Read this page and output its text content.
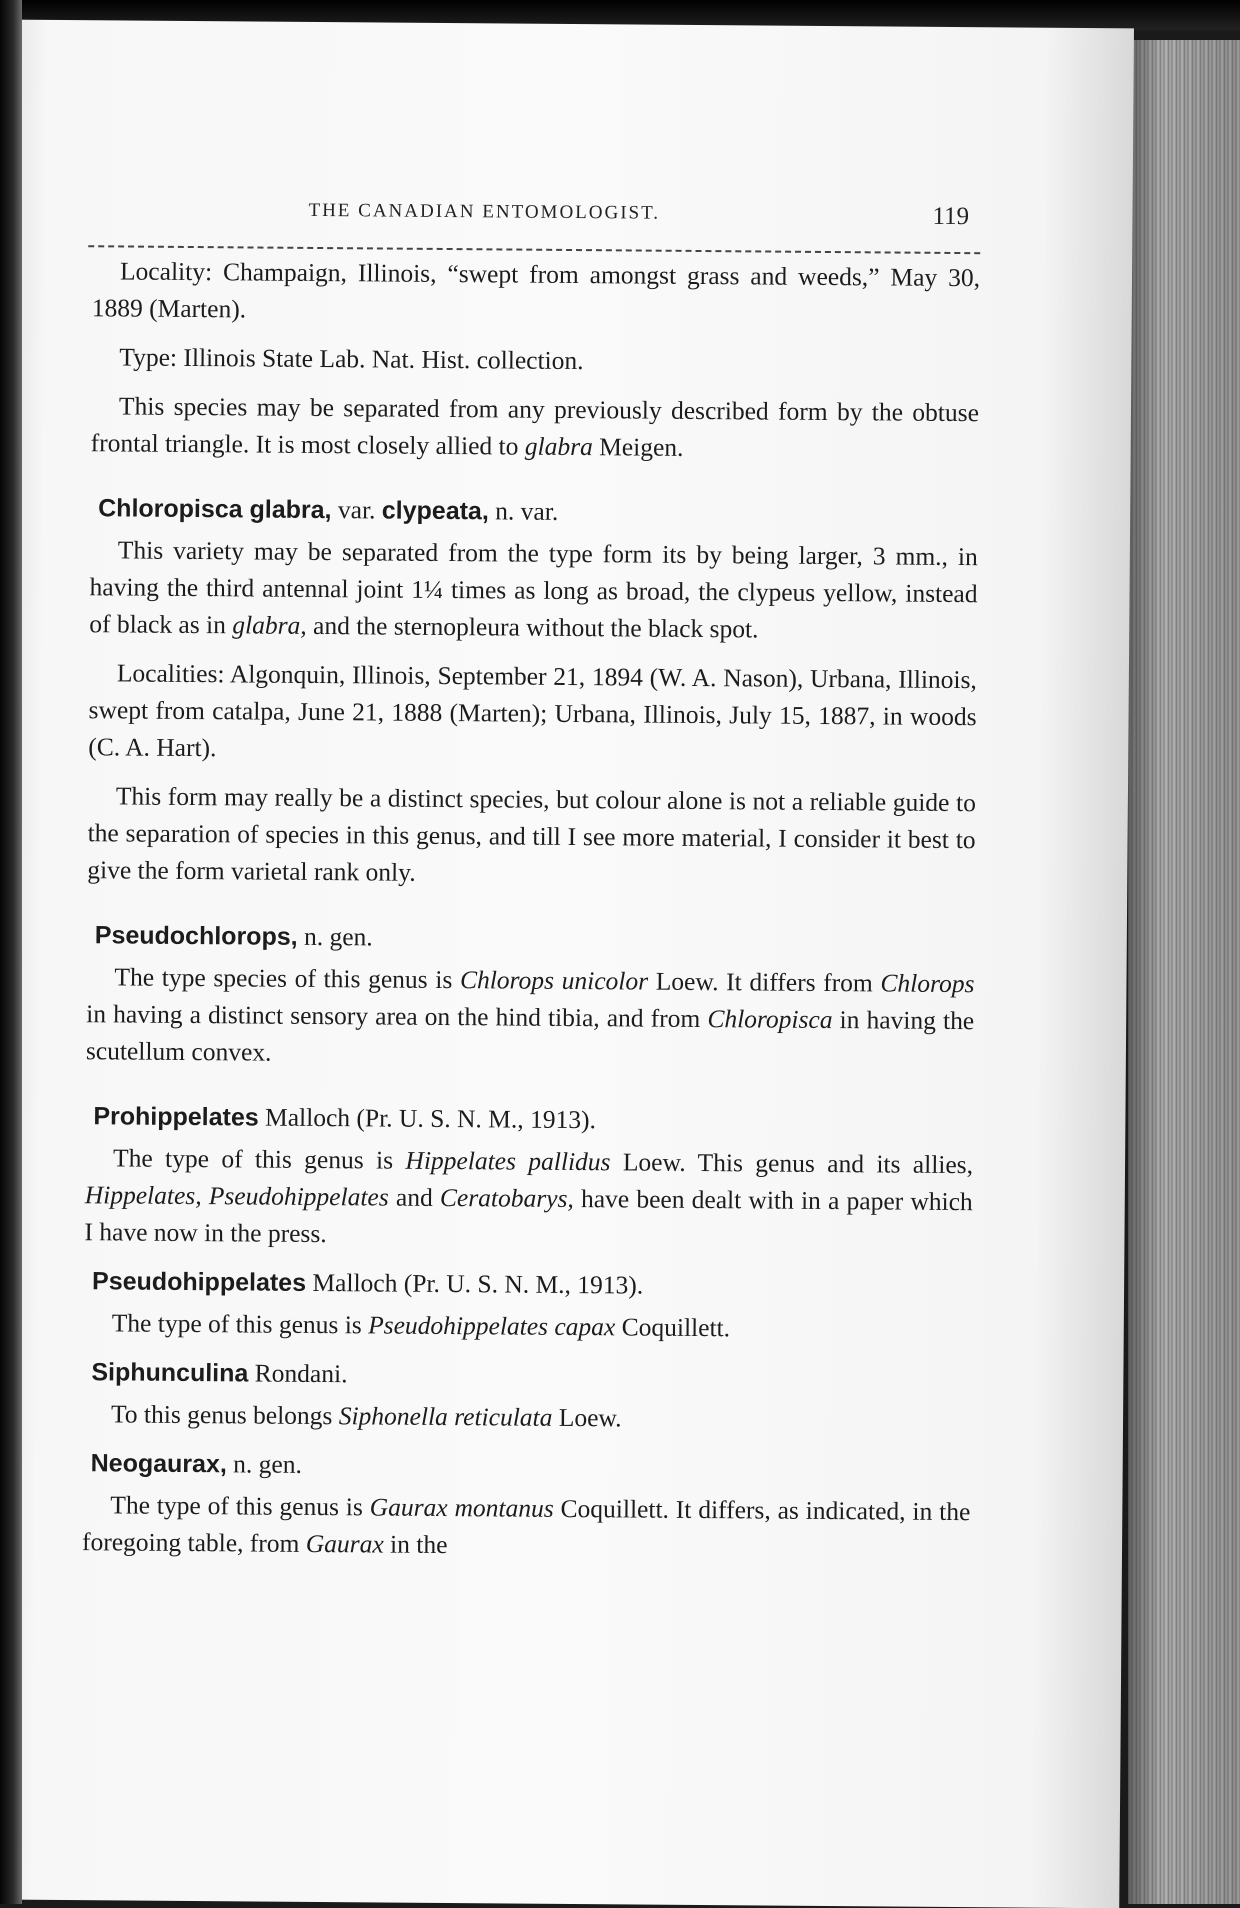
THE CANADIAN ENTOMOLOGIST.	119

Locality: Champaign, Illinois, “swept from amongst grass and weeds,” May 30, 1889 (Marten).

Type: Illinois State Lab. Nat. Hist. collection.

This species may be separated from any previously described form by the obtuse frontal triangle. It is most closely allied to glabra Meigen.

Chloropisca glabra, var. clypeata, n. var.

This variety may be separated from the type form its by being larger, 3 mm., in having the third antennal joint 1¼ times as long as broad, the clypeus yellow, instead of black as in glabra, and the sternopleura without the black spot.

Localities: Algonquin, Illinois, September 21, 1894 (W. A. Nason), Urbana, Illinois, swept from catalpa, June 21, 1888 (Marten); Urbana, Illinois, July 15, 1887, in woods (C. A. Hart).

This form may really be a distinct species, but colour alone is not a reliable guide to the separation of species in this genus, and till I see more material, I consider it best to give the form varietal rank only.

Pseudochlorops, n. gen.

The type species of this genus is Chlorops unicolor Loew. It differs from Chlorops in having a distinct sensory area on the hind tibia, and from Chloropisca in having the scutellum convex.

Prohippelates Malloch (Pr. U. S. N. M., 1913).

The type of this genus is Hippelates pallidus Loew. This genus and its allies, Hippelates, Pseudohippelates and Ceratobarys, have been dealt with in a paper which I have now in the press.

Pseudohippelates Malloch (Pr. U. S. N. M., 1913).

The type of this genus is Pseudohippelates capax Coquillett.

Siphunculina Rondani.

To this genus belongs Siphonella reticulata Loew.

Neogaurax, n. gen.

The type of this genus is Gaurax montanus Coquillett. It differs, as indicated, in the foregoing table, from Gaurax in the
